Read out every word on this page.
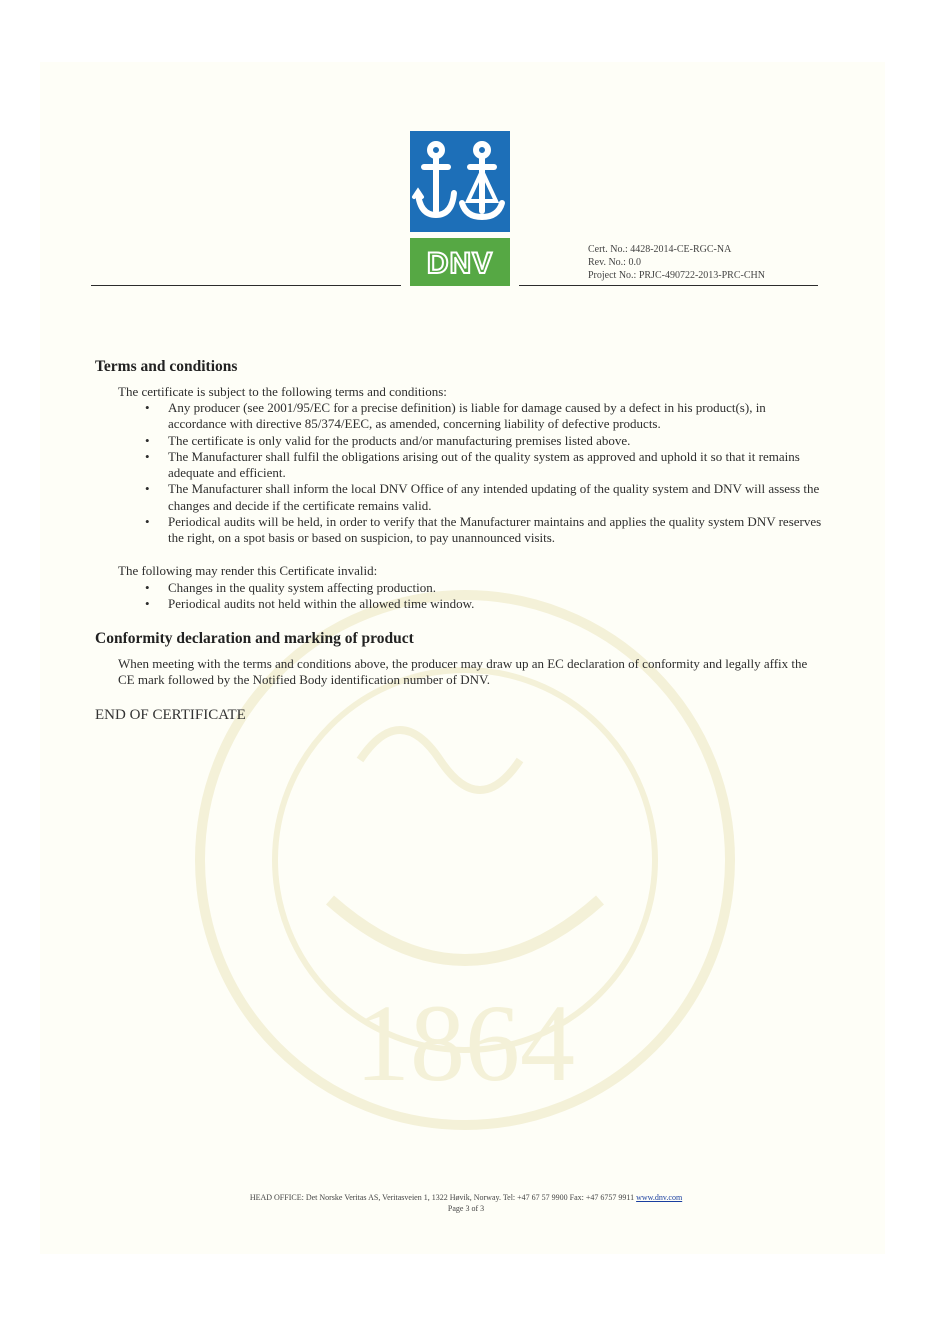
1864
DNV	Cert. No.: 4428-2014-CE-RGC-NA
Rev. No.: 0.0
Project No.: PRJC-490722-2013-PRC-CHN
Terms and conditions

The certificate is subject to the following terms and conditions:

• Any producer (see 2001/95/EC for a precise definition) is liable for damage caused by a defect in his product(s), in accordance with directive 85/374/EEC, as amended, concerning liability of defective products.
• The certificate is only valid for the products and/or manufacturing premises listed above.
• The Manufacturer shall fulfil the obligations arising out of the quality system as approved and uphold it so that it remains adequate and efficient.
• The Manufacturer shall inform the local DNV Office of any intended updating of the quality system and DNV will assess the changes and decide if the certificate remains valid.
• Periodical audits will be held, in order to verify that the Manufacturer maintains and applies the quality system DNV reserves the right, on a spot basis or based on suspicion, to pay unannounced visits.

The following may render this Certificate invalid:

• Changes in the quality system affecting production.
• Periodical audits not held within the allowed time window.
Conformity declaration and marking of product

When meeting with the terms and conditions above, the producer may draw up an EC declaration of conformity and legally affix the CE mark followed by the Notified Body identification number of DNV.

END OF CERTIFICATE
HEAD OFFICE: Det Norske Veritas AS, Veritasveien 1, 1322 Høvik, Norway. Tel: +47 67 57 9900 Fax: +47 6757 9911 www.dnv.com
Page 3 of 3
